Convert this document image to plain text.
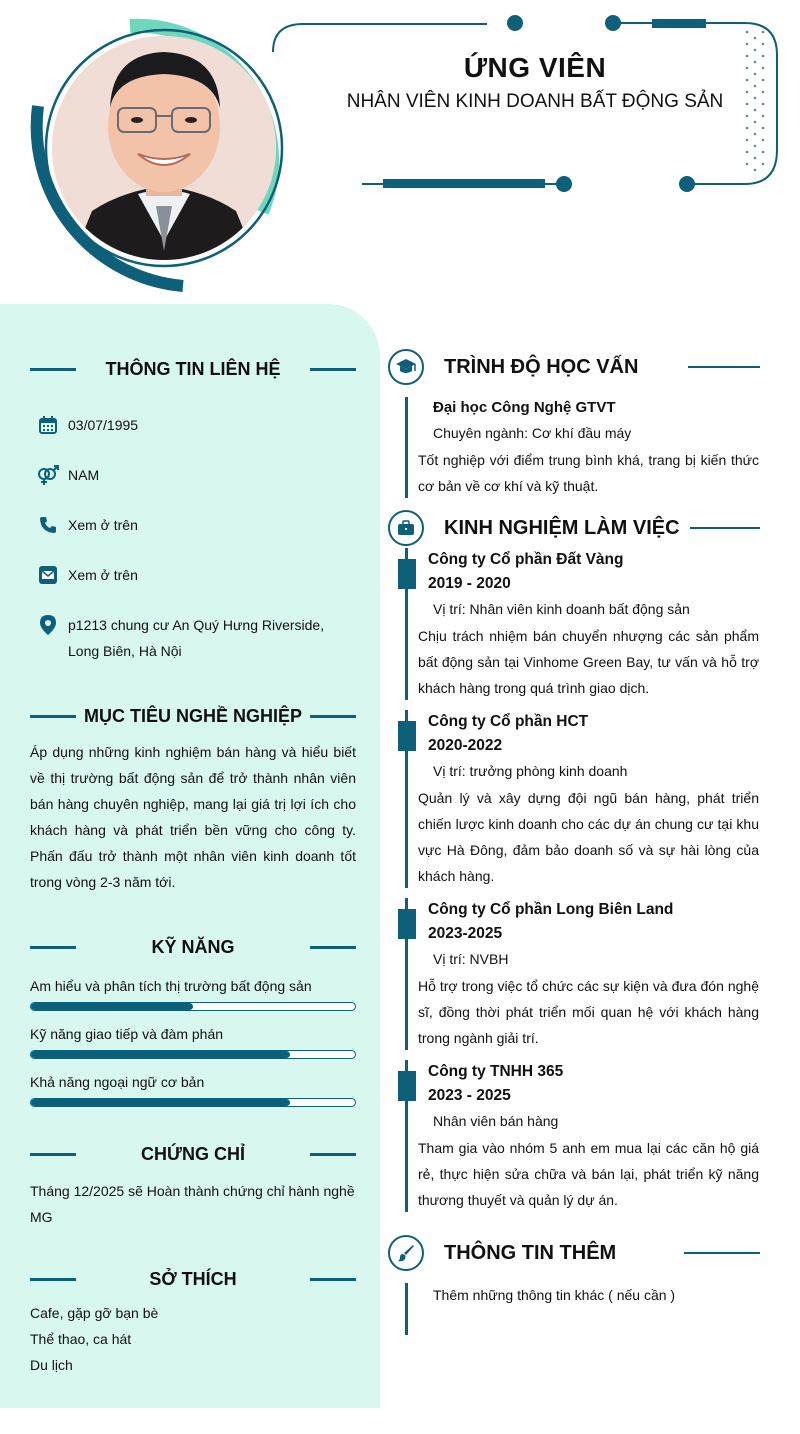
ỨNG VIÊN
NHÂN VIÊN KINH DOANH BẤT ĐỘNG SẢN
THÔNG TIN LIÊN HỆ
03/07/1995
NAM
Xem ở trên
Xem ở trên
p1213 chung cư An Quý Hưng Riverside, Long Biên, Hà Nội
MỤC TIÊU NGHỀ NGHIỆP
Áp dụng những kinh nghiệm bán hàng và hiểu biết về thị trường bất động sản để trở thành nhân viên bán hàng chuyên nghiệp, mang lại giá trị lợi ích cho khách hàng và phát triển bền vững cho công ty. Phấn đấu trở thành một nhân viên kinh doanh tốt trong vòng 2-3 năm tới.
KỸ NĂNG
Am hiểu và phân tích thị trường bất động sản
Kỹ năng giao tiếp và đàm phán
Khả năng ngoại ngữ cơ bản
CHỨNG CHỈ
Tháng 12/2025 sẽ Hoàn thành chứng chỉ hành nghề MG
SỞ THÍCH
Cafe, gặp gỡ bạn bè
Thể thao, ca hát
Du lịch
TRÌNH ĐỘ HỌC VẤN
Đại học Công Nghệ GTVT
Chuyên ngành: Cơ khí đầu máy
Tốt nghiệp với điểm trung bình khá, trang bị kiến thức cơ bản về cơ khí và kỹ thuật.
KINH NGHIỆM LÀM VIỆC
Công ty Cổ phần Đất Vàng
2019 - 2020
Vị trí: Nhân viên kinh doanh bất động sản
Chịu trách nhiệm bán chuyển nhượng các sản phẩm bất động sản tại Vinhome Green Bay, tư vấn và hỗ trợ khách hàng trong quá trình giao dịch.
Công ty Cổ phần HCT
2020-2022
Vị trí: trưởng phòng kinh doanh
Quản lý và xây dựng đội ngũ bán hàng, phát triển chiến lược kinh doanh cho các dự án chung cư tại khu vực Hà Đông, đảm bảo doanh số và sự hài lòng của khách hàng.
Công ty Cổ phần Long Biên Land
2023-2025
Vị trí: NVBH
Hỗ trợ trong việc tổ chức các sự kiện và đưa đón nghệ sĩ, đồng thời phát triển mối quan hệ với khách hàng trong ngành giải trí.
Công ty TNHH 365
2023 - 2025
Nhân viên bán hàng
Tham gia vào nhóm 5 anh em mua lại các căn hộ giá rẻ, thực hiện sửa chữa và bán lại, phát triển kỹ năng thương thuyết và quản lý dự án.
THÔNG TIN THÊM
Thêm những thông tin khác ( nếu cần )
